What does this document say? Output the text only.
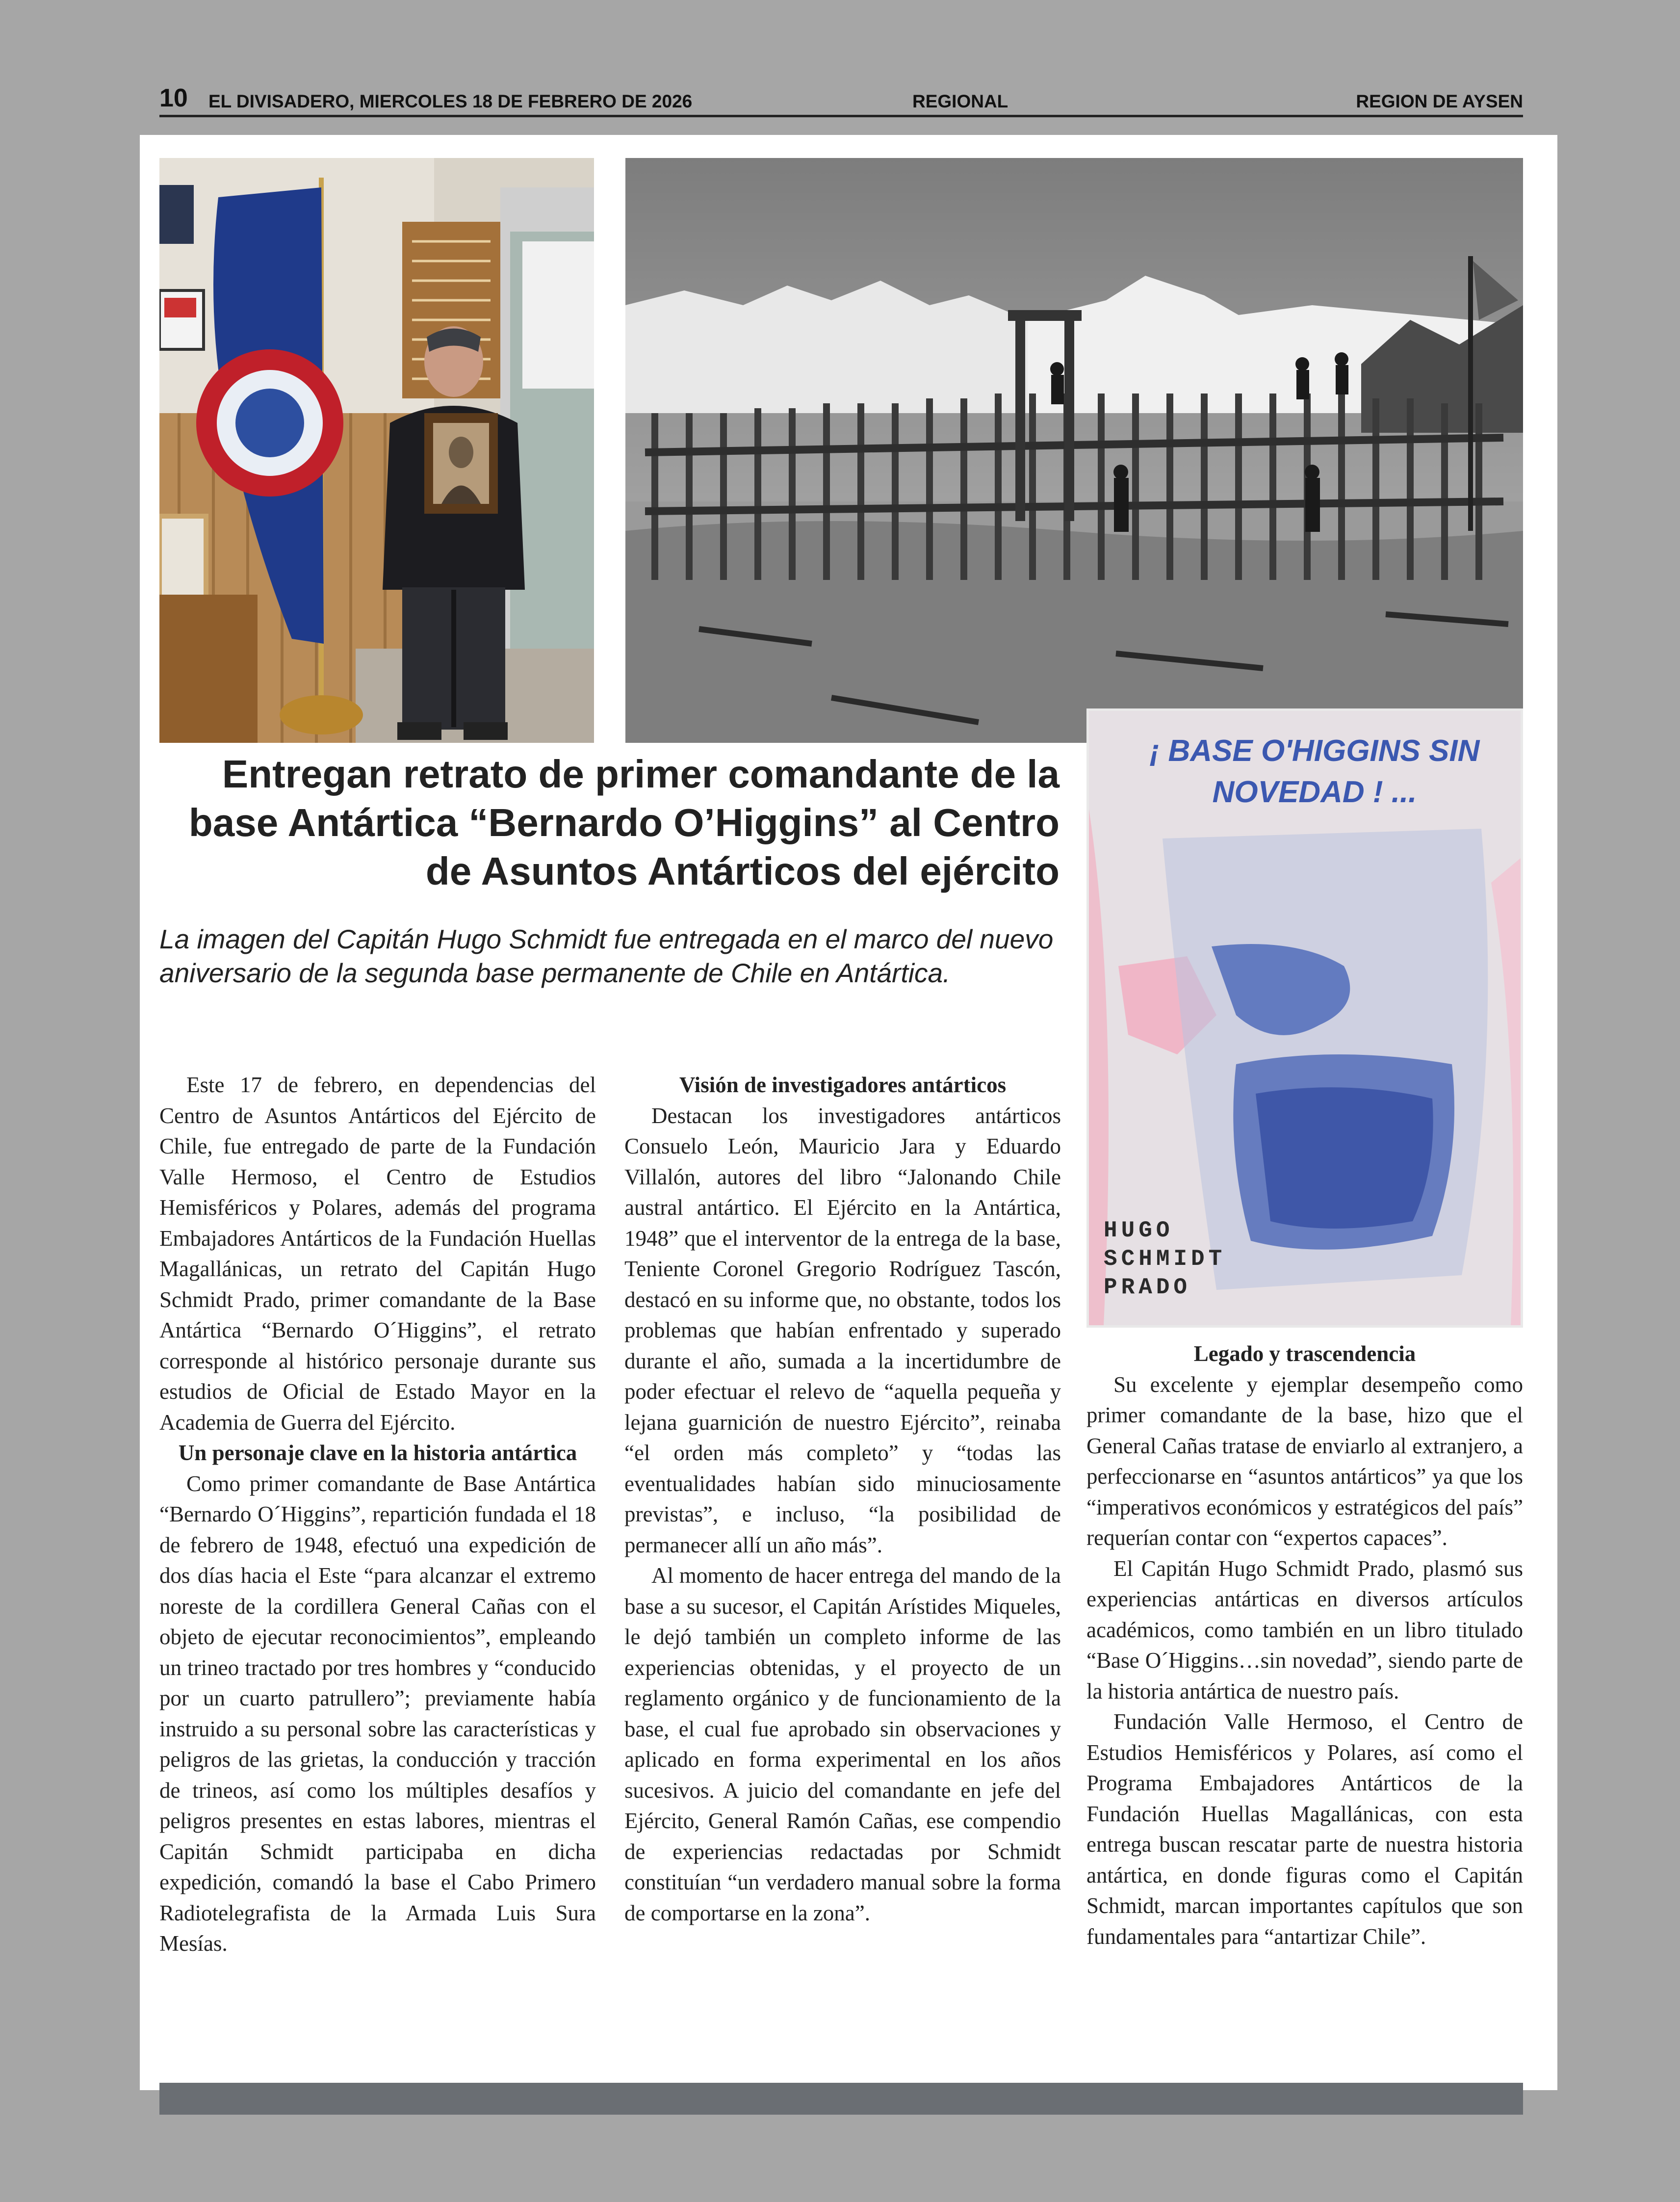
10 EL DIVISADERO, MIERCOLES 18 DE FEBRERO DE 2026	REGIONAL	REGION DE AYSEN
¡ BASE O'HIGGINS SIN NOVEDAD ! ...
HUGO
SCHMIDT
PRADO
Entregan retrato de primer comandante de la base Antártica “Bernardo O’Higgins” al Centro de Asuntos Antárticos del ejército
La imagen del Capitán Hugo Schmidt fue entregada en el marco del nuevo aniversario de la segunda base permanente de Chile en Antártica.

Este 17 de febrero, en dependencias del Centro de Asuntos Antárticos del Ejército de Chile, fue entregado de parte de la Fundación Valle Hermoso, el Centro de Estudios Hemisféricos y Polares, además del programa Embajadores Antárticos de la Fundación Huellas Magallánicas, un retrato del Capitán Hugo Schmidt Prado, primer comandante de la Base Antártica “Bernardo O´Higgins”, el retrato corresponde al histórico personaje durante sus estudios de Oficial de Estado Mayor en la Academia de Guerra del Ejército.

Un personaje clave en la historia antártica

Como primer comandante de Base Antártica “Bernardo O´Higgins”, repartición fundada el 18 de febrero de 1948, efectuó una expedición de dos días hacia el Este “para alcanzar el extremo noreste de la cordillera General Cañas con el objeto de ejecutar reconocimientos”, empleando un trineo tractado por tres hombres y “conducido por un cuarto patrullero”; previamente había instruido a su personal sobre las características y peligros de las grietas, la conducción y tracción de trineos, así como los múltiples desafíos y peligros presentes en estas labores, mientras el Capitán Schmidt participaba en dicha expedición, comandó la base el Cabo Primero Radiotelegrafista de la Armada Luis Sura Mesías.

Visión de investigadores antárticos

Destacan los investigadores antárticos Consuelo León, Mauricio Jara y Eduardo Villalón, autores del libro “Jalonando Chile austral antártico. El Ejército en la Antártica, 1948” que el interventor de la entrega de la base, Teniente Coronel Gregorio Rodríguez Tascón, destacó en su informe que, no obstante, todos los problemas que habían enfrentado y superado durante el año, sumada a la incertidumbre de poder efectuar el relevo de “aquella pequeña y lejana guarnición de nuestro Ejército”, reinaba “el orden más completo” y “todas las eventualidades habían sido minuciosamente previstas”, e incluso, “la posibilidad de permanecer allí un año más”.

Al momento de hacer entrega del mando de la base a su sucesor, el Capitán Arístides Miqueles, le dejó también un completo informe de las experiencias obtenidas, y el proyecto de un reglamento orgánico y de funcionamiento de la base, el cual fue aprobado sin observaciones y aplicado en forma experimental en los años sucesivos. A juicio del comandante en jefe del Ejército, General Ramón Cañas, ese compendio de experiencias redactadas por Schmidt constituían “un verdadero manual sobre la forma de comportarse en la zona”.

Legado y trascendencia

Su excelente y ejemplar desempeño como primer comandante de la base, hizo que el General Cañas tratase de enviarlo al extranjero, a perfeccionarse en “asuntos antárticos” ya que los “imperativos económicos y estratégicos del país” requerían contar con “expertos capaces”.

El Capitán Hugo Schmidt Prado, plasmó sus experiencias antárticas en diversos artículos académicos, como también en un libro titulado “Base O´Higgins…sin novedad”, siendo parte de la historia antártica de nuestro país.

Fundación Valle Hermoso, el Centro de Estudios Hemisféricos y Polares, así como el Programa Embajadores Antárticos de la Fundación Huellas Magallánicas, con esta entrega buscan rescatar parte de nuestra historia antártica, en donde figuras como el Capitán Schmidt, marcan importantes capítulos que son fundamentales para “antartizar Chile”.
